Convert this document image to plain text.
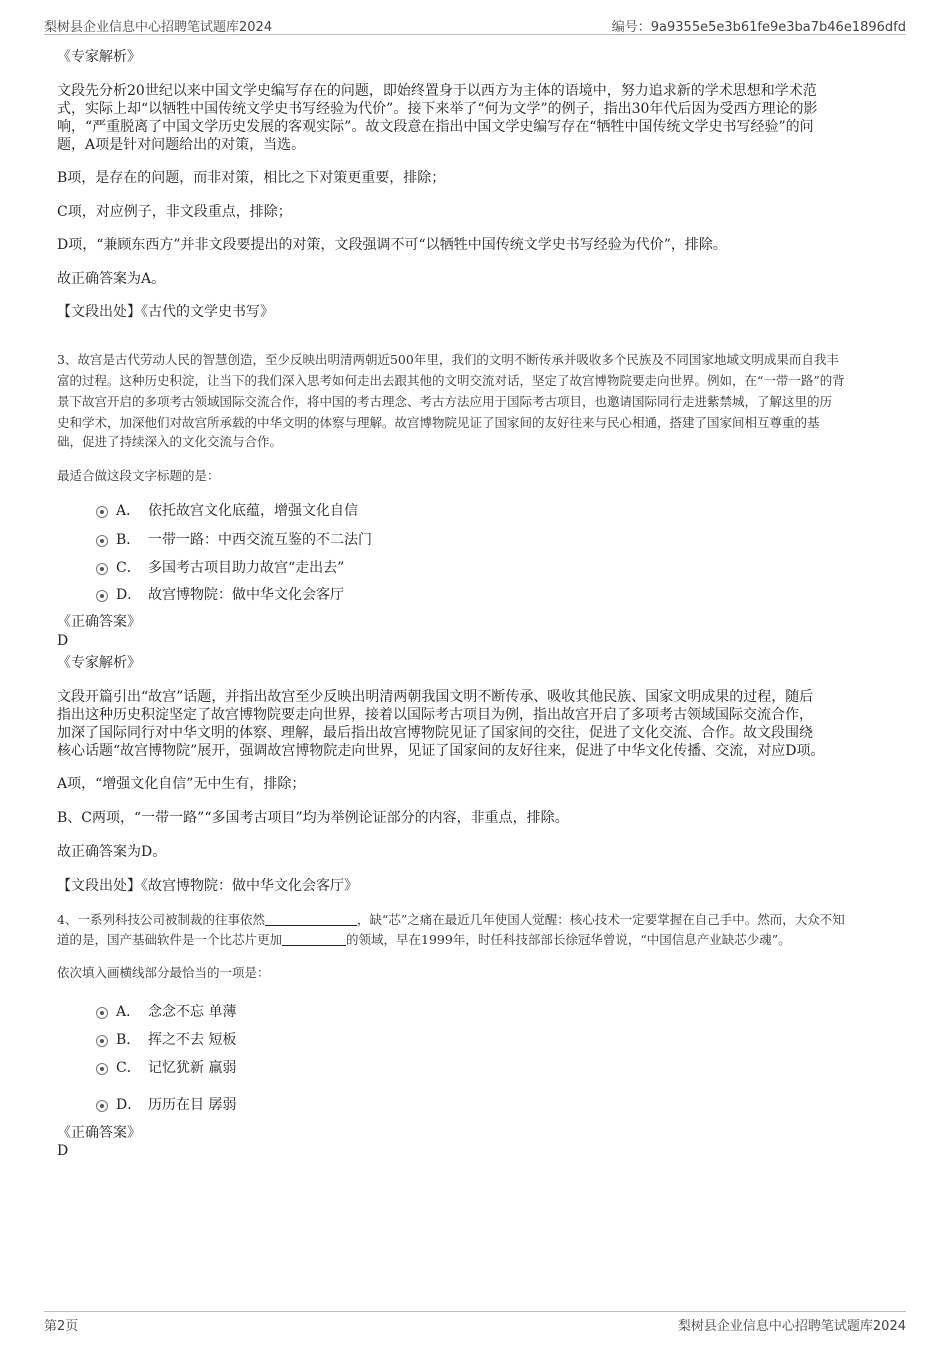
梨树县企业信息中心招聘笔试题库2024	编号：9a9355e5e3b61fe9e3ba7b46e1896dfd
《专家解析》
文段先分析20世纪以来中国文学史编写存在的问题，即始终置身于以西方为主体的语境中，努力追求新的学术思想和学术范
式，实际上却“以牺牲中国传统文学史书写经验为代价”。接下来举了“何为文学”的例子，指出30年代后因为受西方理论的影
响，“严重脱离了中国文学历史发展的客观实际”。故文段意在指出中国文学史编写存在“牺牲中国传统文学史书写经验”的问
题，A项是针对问题给出的对策，当选。
B项，是存在的问题，而非对策，相比之下对策更重要，排除；
C项，对应例子，非文段重点，排除；
D项，“兼顾东西方”并非文段要提出的对策，文段强调不可“以牺牲中国传统文学史书写经验为代价”，排除。
故正确答案为A。
【文段出处】《古代的文学史书写》
3、故宫是古代劳动人民的智慧创造，至少反映出明清两朝近500年里，我们的文明不断传承并吸收多个民族及不同国家地域文明成果而自我丰
富的过程。这种历史积淀，让当下的我们深入思考如何走出去跟其他的文明交流对话，坚定了故宫博物院要走向世界。例如，在“一带一路”的背
景下故宫开启的多项考古领域国际交流合作，将中国的考古理念、考古方法应用于国际考古项目，也邀请国际同行走进紫禁城，了解这里的历
史和学术，加深他们对故宫所承载的中华文明的体察与理解。故宫博物院见证了国家间的友好往来与民心相通，搭建了国家间相互尊重的基
础，促进了持续深入的文化交流与合作。
最适合做这段文字标题的是：
A． 依托故宫文化底蕴，增强文化自信
B． 一带一路：中西交流互鉴的不二法门
C． 多国考古项目助力故宫“走出去”
D． 故宫博物院：做中华文化会客厅
《正确答案》
D
《专家解析》
文段开篇引出“故宫”话题，并指出故宫至少反映出明清两朝我国文明不断传承、吸收其他民族、国家文明成果的过程，随后
指出这种历史积淀坚定了故宫博物院要走向世界，接着以国际考古项目为例，指出故宫开启了多项考古领域国际交流合作，
加深了国际同行对中华文明的体察、理解，最后指出故宫博物院见证了国家间的交往，促进了文化交流、合作。故文段围绕
核心话题“故宫博物院”展开，强调故宫博物院走向世界，见证了国家间的友好往来，促进了中华文化传播、交流，对应D项。
A项，“增强文化自信”无中生有，排除；
B、C两项，“一带一路”“多国考古项目”均为举例论证部分的内容，非重点，排除。
故正确答案为D。
【文段出处】《故宫博物院：做中华文化会客厅》
4、一系列科技公司被制裁的往事依然	，缺“芯”之痛在最近几年使国人觉醒：核心技术一定要掌握在自己手中。然而，大众不知
道的是，国产基础软件是一个比芯片更加	的领域，早在1999年，时任科技部部长徐冠华曾说，“中国信息产业缺芯少魂”。
依次填入画横线部分最恰当的一项是：
A． 念念不忘 单薄
B． 挥之不去 短板
C． 记忆犹新 羸弱
D． 历历在目 孱弱
《正确答案》
D
第2页	梨树县企业信息中心招聘笔试题库2024
